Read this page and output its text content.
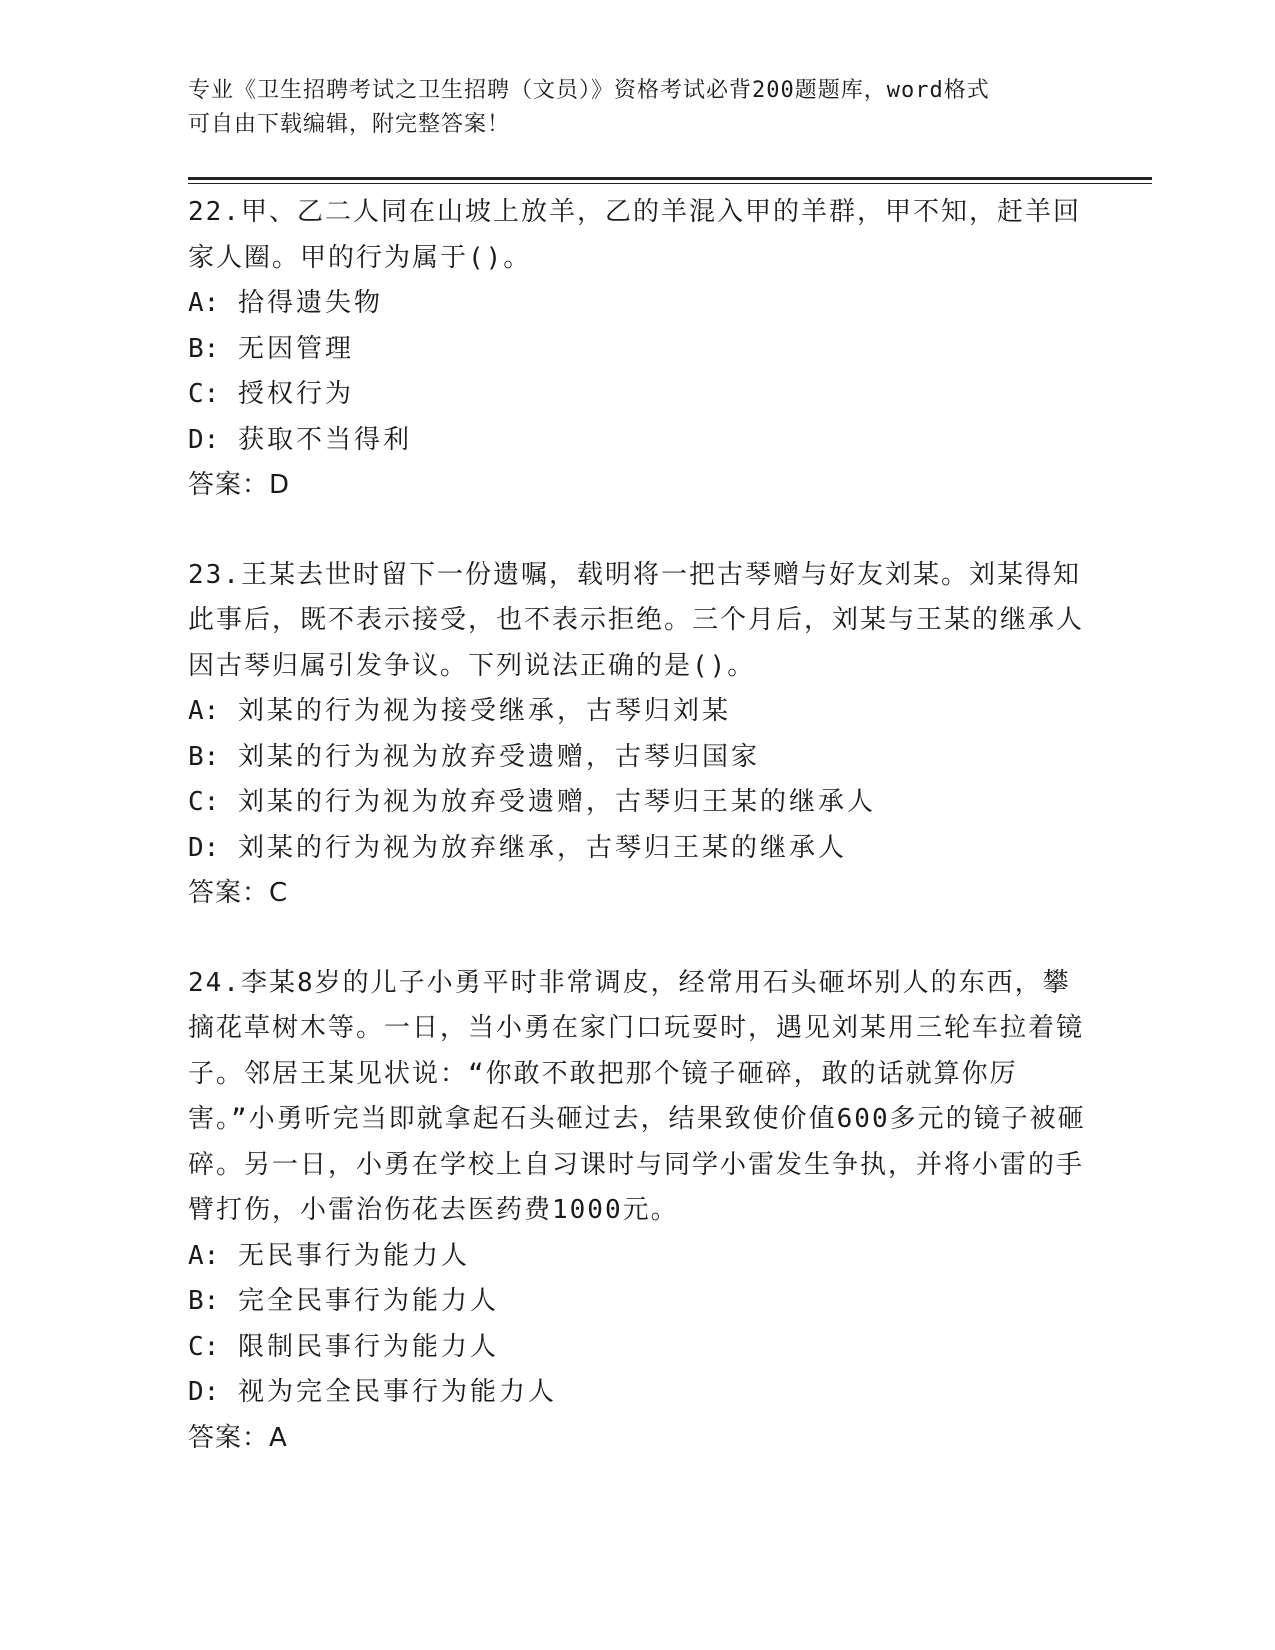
专业《卫生招聘考试之卫生招聘（文员）》资格考试必背200题题库，word格式
可自由下载编辑，附完整答案！

22.甲、乙二人同在山坡上放羊，乙的羊混入甲的羊群，甲不知，赶羊回家人圈。甲的行为属于()。

A: 拾得遗失物

B: 无因管理

C: 授权行为

D: 获取不当得利

答案：D

23.王某去世时留下一份遗嘱，载明将一把古琴赠与好友刘某。刘某得知此事后，既不表示接受，也不表示拒绝。三个月后，刘某与王某的继承人因古琴归属引发争议。下列说法正确的是()。

A: 刘某的行为视为接受继承，古琴归刘某

B: 刘某的行为视为放弃受遗赠，古琴归国家

C: 刘某的行为视为放弃受遗赠，古琴归王某的继承人

D: 刘某的行为视为放弃继承，古琴归王某的继承人

答案：C

24.李某8岁的儿子小勇平时非常调皮，经常用石头砸坏别人的东西，攀摘花草树木等。一日，当小勇在家门口玩耍时，遇见刘某用三轮车拉着镜子。邻居王某见状说：“你敢不敢把那个镜子砸碎，敢的话就算你厉害。”小勇听完当即就拿起石头砸过去，结果致使价值600多元的镜子被砸碎。另一日，小勇在学校上自习课时与同学小雷发生争执，并将小雷的手臂打伤，小雷治伤花去医药费1000元。

A: 无民事行为能力人

B: 完全民事行为能力人

C: 限制民事行为能力人

D: 视为完全民事行为能力人

答案：A
